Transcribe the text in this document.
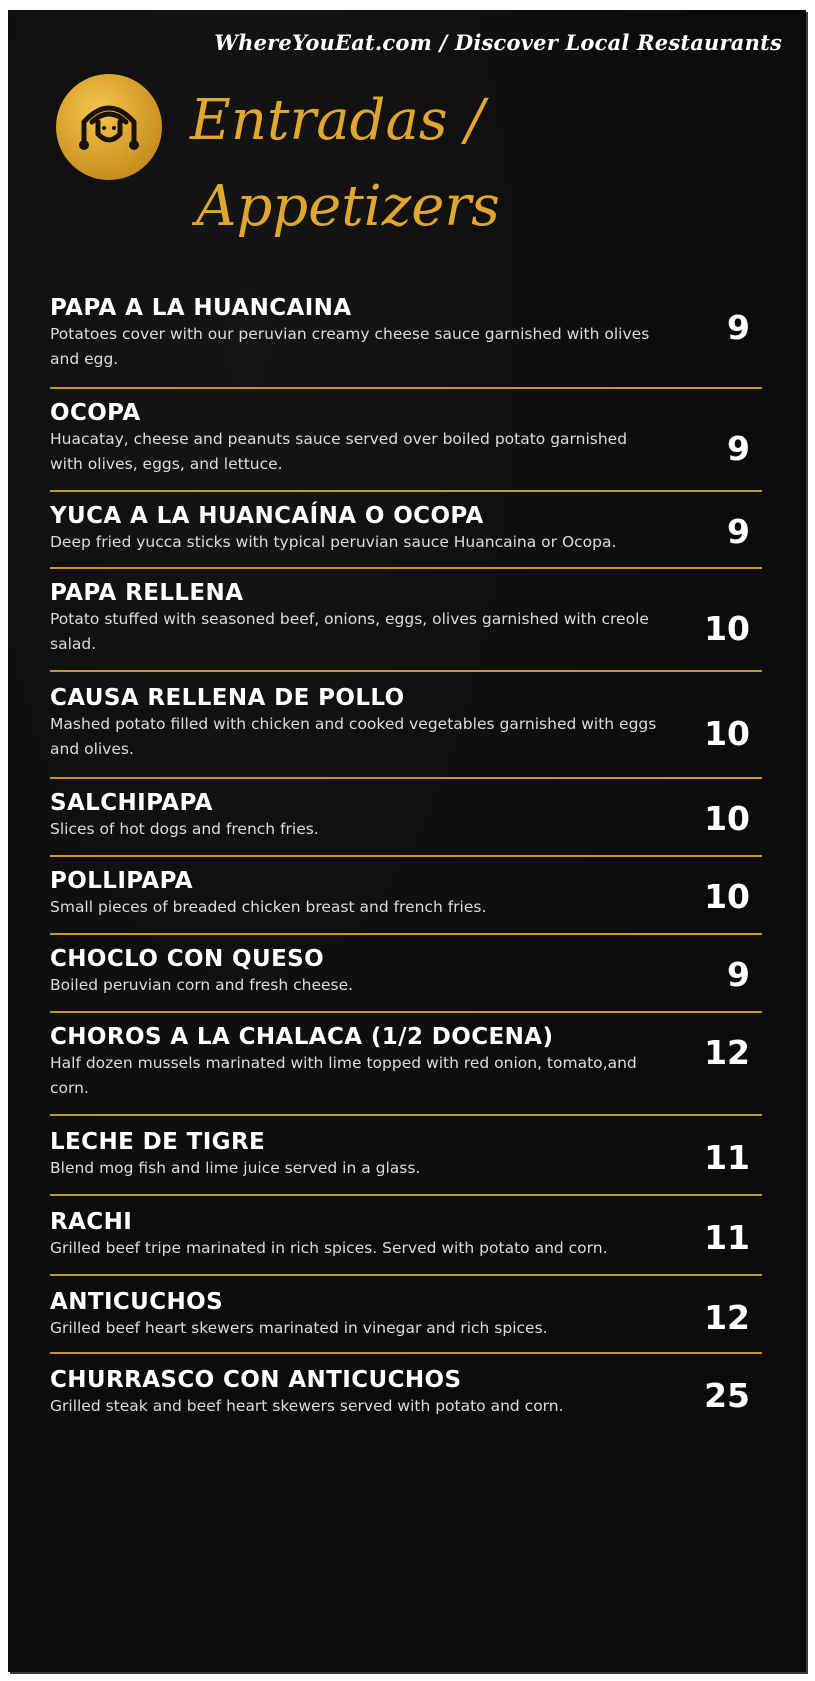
WhereYouEat.com / Discover Local Restaurants
Entradas /
Appetizers
PAPA A LA HUANCAINA
Potatoes cover with our peruvian creamy cheese sauce garnished with olives and egg.
9
OCOPA
Huacatay, cheese and peanuts sauce served over boiled potato garnished with olives, eggs, and lettuce.	9
YUCA A LA HUANCAÍNA O OCOPA
Deep fried yucca sticks with typical peruvian sauce Huancaina or Ocopa.	9
PAPA RELLENA
Potato stuffed with seasoned beef, onions, eggs, olives garnished with creole salad.	10
CAUSA RELLENA DE POLLO
Mashed potato filled with chicken and cooked vegetables garnished with eggs and olives.	10
SALCHIPAPA
Slices of hot dogs and french fries.	10
POLLIPAPA
Small pieces of breaded chicken breast and french fries.	10
CHOCLO CON QUESO
Boiled peruvian corn and fresh cheese.	9
CHOROS A LA CHALACA (1/2 DOCENA)
Half dozen mussels marinated with lime topped with red onion, tomato,and corn.
12
LECHE DE TIGRE
Blend mog fish and lime juice served in a glass.	11
RACHI
Grilled beef tripe marinated in rich spices. Served with potato and corn.	11
ANTICUCHOS
Grilled beef heart skewers marinated in vinegar and rich spices.	12
CHURRASCO CON ANTICUCHOS
Grilled steak and beef heart skewers served with potato and corn.	25
